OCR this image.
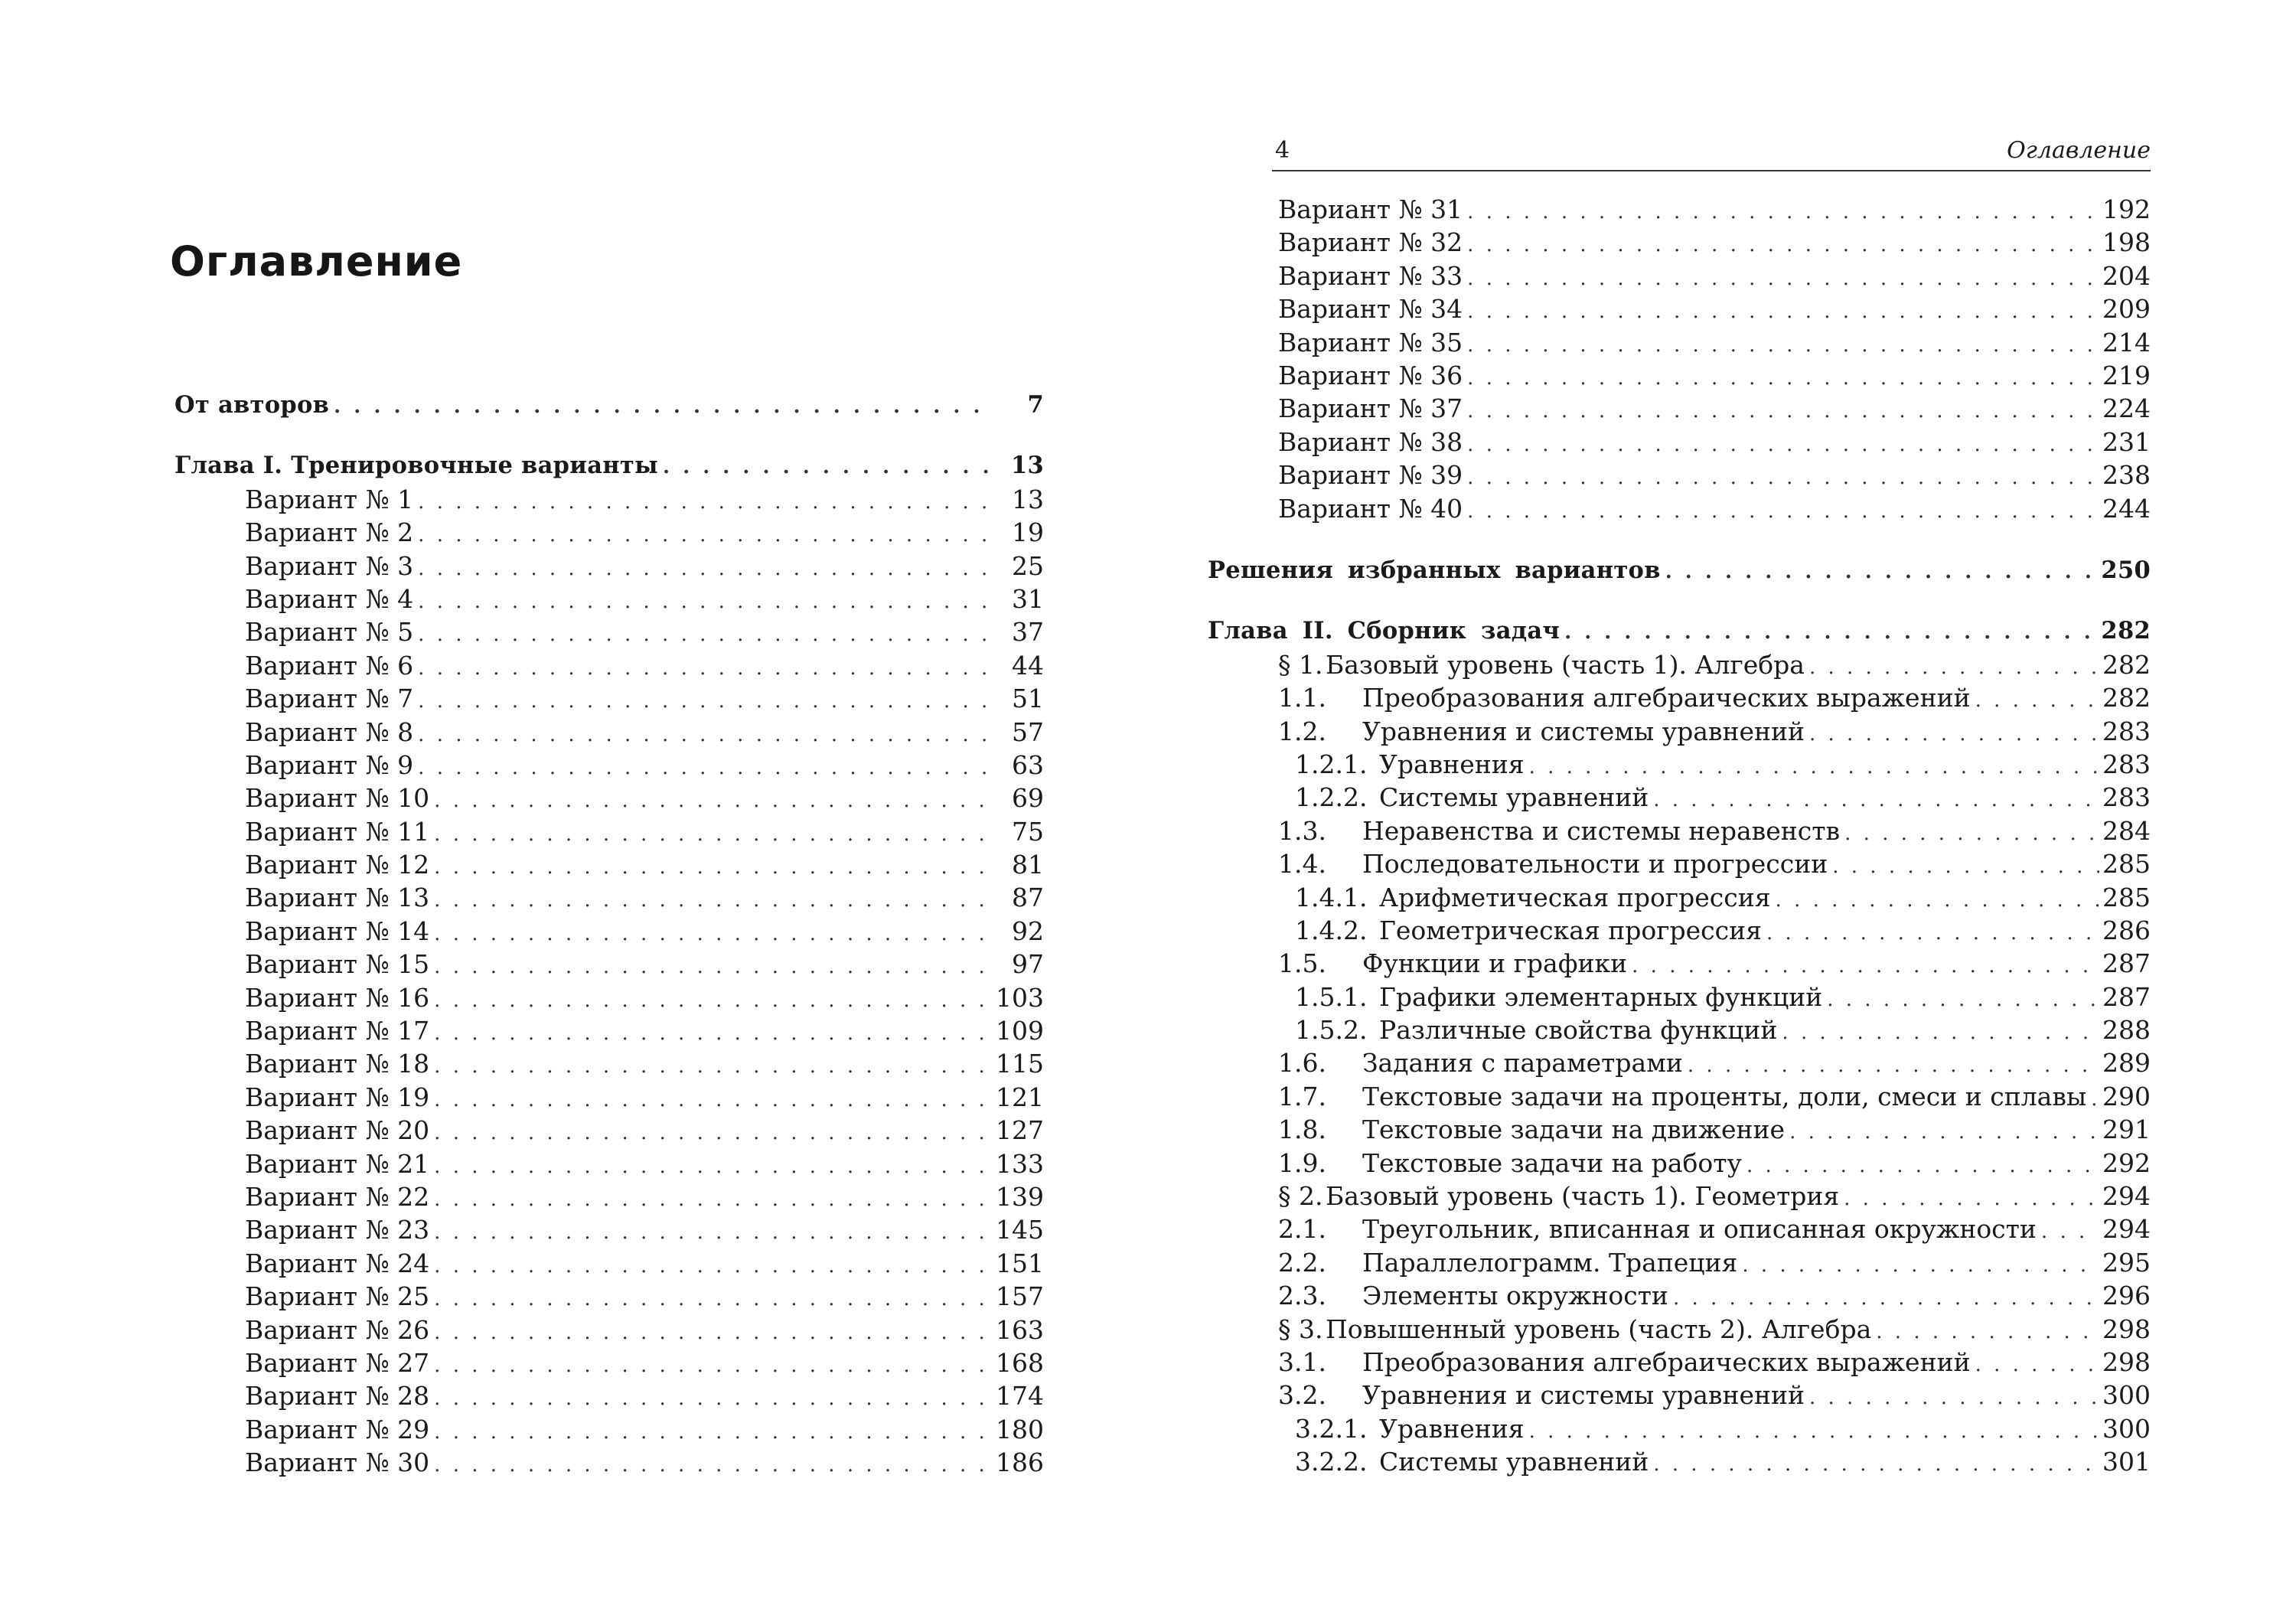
Оглавление
От авторов . . .	7
Глава I. Тренировочные варианты . . .	13
Вариант № 1 . . .	13
Вариант № 2 . . .	19
Вариант № 3 . . .	25
Вариант № 4 . . .	31
Вариант № 5 . . .	37
Вариант № 6 . . .	44
Вариант № 7 . . .	51
Вариант № 8 . . .	57
Вариант № 9 . . .	63
Вариант № 10 . . .	69
Вариант № 11 . . .	75
Вариант № 12 . . .	81
Вариант № 13 . . .	87
Вариант № 14 . . .	92
Вариант № 15 . . .	97
Вариант № 16 . . .	103
Вариант № 17 . . .	109
Вариант № 18 . . .	115
Вариант № 19 . . .	121
Вариант № 20 . . .	127
Вариант № 21 . . .	133
Вариант № 22 . . .	139
Вариант № 23 . . .	145
Вариант № 24 . . .	151
Вариант № 25 . . .	157
Вариант № 26 . . .	163
Вариант № 27 . . .	168
Вариант № 28 . . .	174
Вариант № 29 . . .	180
Вариант № 30 . . .	186
4	Оглавление
Вариант № 31 . . .	192
Вариант № 32 . . .	198
Вариант № 33 . . .	204
Вариант № 34 . . .	209
Вариант № 35 . . .	214
Вариант № 36 . . .	219
Вариант № 37 . . .	224
Вариант № 38 . . .	231
Вариант № 39 . . .	238
Вариант № 40 . . .	244
Решения избранных вариантов . . .	250
Глава II. Сборник задач . . .	282
§ 1. Базовый уровень (часть 1). Алгебра . . .	282
1.1.	Преобразования алгебраических выражений . . .	282
1.2.	Уравнения и системы уравнений . . .	283
1.2.1. Уравнения . . .	283
1.2.2. Системы уравнений . . .	283
1.3.	Неравенства и системы неравенств . . .	284
1.4.	Последовательности и прогрессии . . .	285
1.4.1. Арифметическая прогрессия . . .	285
1.4.2. Геометрическая прогрессия . . .	286
1.5.	Функции и графики . . .	287
1.5.1. Графики элементарных функций . . .	287
1.5.2. Различные свойства функций . . .	288
1.6.	Задания с параметрами . . .	289
1.7.	Текстовые задачи на проценты, доли, смеси и сплавы . . . 290
1.8.	Текстовые задачи на движение . . .	291
1.9.	Текстовые задачи на работу . . .	292
§ 2. Базовый уровень (часть 1). Геометрия . . .	294
2.1.	Треугольник, вписанная и описанная окружности . . .	294
2.2.	Параллелограмм. Трапеция . . .	295
2.3.	Элементы окружности . . .	296
§ 3. Повышенный уровень (часть 2). Алгебра . . .	298
3.1.	Преобразования алгебраических выражений . . .	298
3.2.	Уравнения и системы уравнений . . .	300
3.2.1. Уравнения . . .	300
3.2.2. Системы уравнений . . .	301
